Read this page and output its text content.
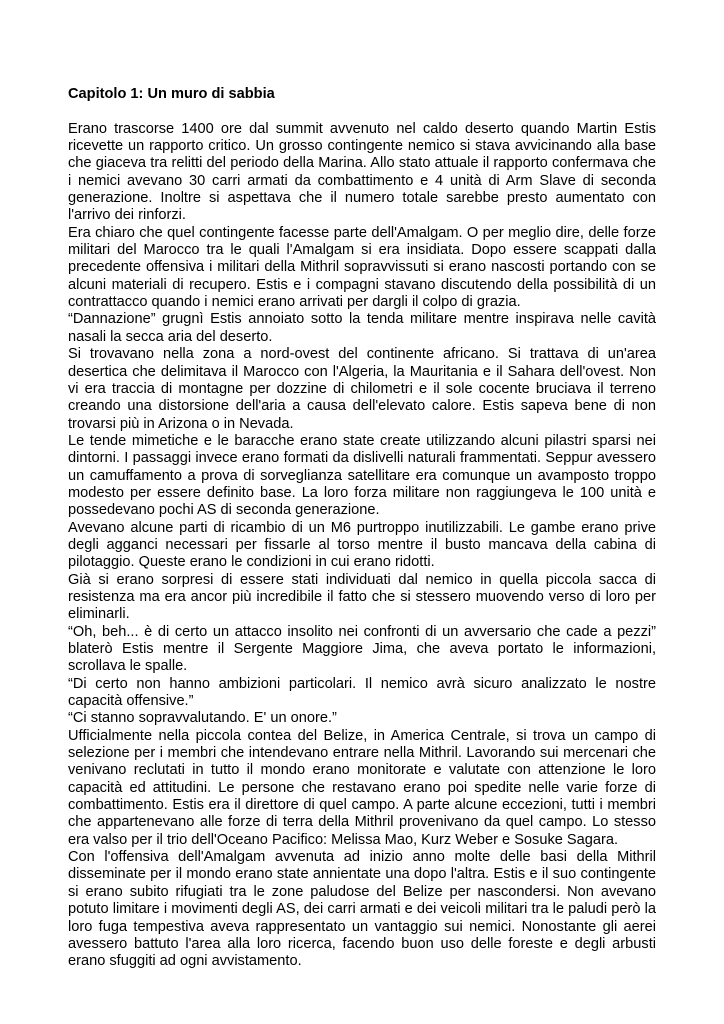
Capitolo 1: Un muro di sabbia

Erano trascorse 1400 ore dal summit avvenuto nel caldo deserto quando Martin Estis ricevette un rapporto critico. Un grosso contingente nemico si stava avvicinando alla base che giaceva tra relitti del periodo della Marina. Allo stato attuale il rapporto confermava che i nemici avevano 30 carri armati da combattimento e 4 unità di Arm Slave di seconda generazione. Inoltre si aspettava che il numero totale sarebbe presto aumentato con l'arrivo dei rinforzi.

Era chiaro che quel contingente facesse parte dell'Amalgam. O per meglio dire, delle forze militari del Marocco tra le quali l'Amalgam si era insidiata. Dopo essere scappati dalla precedente offensiva i militari della Mithril sopravvissuti si erano nascosti portando con se alcuni materiali di recupero. Estis e i compagni stavano discutendo della possibilità di un contrattacco quando i nemici erano arrivati per dargli il colpo di grazia.

“Dannazione” grugnì Estis annoiato sotto la tenda militare mentre inspirava nelle cavità nasali la secca aria del deserto.

Si trovavano nella zona a nord-ovest del continente africano. Si trattava di un'area desertica che delimitava il Marocco con l'Algeria, la Mauritania e il Sahara dell'ovest. Non vi era traccia di montagne per dozzine di chilometri e il sole cocente bruciava il terreno creando una distorsione dell'aria a causa dell'elevato calore. Estis sapeva bene di non trovarsi più in Arizona o in Nevada.

Le tende mimetiche e le baracche erano state create utilizzando alcuni pilastri sparsi nei dintorni. I passaggi invece erano formati da dislivelli naturali frammentati. Seppur avessero un camuffamento a prova di sorveglianza satellitare era comunque un avamposto troppo modesto per essere definito base. La loro forza militare non raggiungeva le 100 unità e possedevano pochi AS di seconda generazione.

Avevano alcune parti di ricambio di un M6 purtroppo inutilizzabili. Le gambe erano prive degli agganci necessari per fissarle al torso mentre il busto mancava della cabina di pilotaggio. Queste erano le condizioni in cui erano ridotti.

Già si erano sorpresi di essere stati individuati dal nemico in quella piccola sacca di resistenza ma era ancor più incredibile il fatto che si stessero muovendo verso di loro per eliminarli.

“Oh, beh... è di certo un attacco insolito nei confronti di un avversario che cade a pezzi” blaterò Estis mentre il Sergente Maggiore Jima, che aveva portato le informazioni, scrollava le spalle.

“Di certo non hanno ambizioni particolari. Il nemico avrà sicuro analizzato le nostre capacità offensive.”

“Ci stanno sopravvalutando. E' un onore.”

Ufficialmente nella piccola contea del Belize, in America Centrale, si trova un campo di selezione per i membri che intendevano entrare nella Mithril. Lavorando sui mercenari che venivano reclutati in tutto il mondo erano monitorate e valutate con attenzione le loro capacità ed attitudini. Le persone che restavano erano poi spedite nelle varie forze di combattimento. Estis era il direttore di quel campo. A parte alcune eccezioni, tutti i membri che appartenevano alle forze di terra della Mithril provenivano da quel campo. Lo stesso era valso per il trio dell'Oceano Pacifico: Melissa Mao, Kurz Weber e Sosuke Sagara.

Con l'offensiva dell'Amalgam avvenuta ad inizio anno molte delle basi della Mithril disseminate per il mondo erano state annientate una dopo l'altra. Estis e il suo contingente si erano subito rifugiati tra le zone paludose del Belize per nascondersi. Non avevano potuto limitare i movimenti degli AS, dei carri armati e dei veicoli militari tra le paludi però la loro fuga tempestiva aveva rappresentato un vantaggio sui nemici. Nonostante gli aerei avessero battuto l'area alla loro ricerca, facendo buon uso delle foreste e degli arbusti erano sfuggiti ad ogni avvistamento.
